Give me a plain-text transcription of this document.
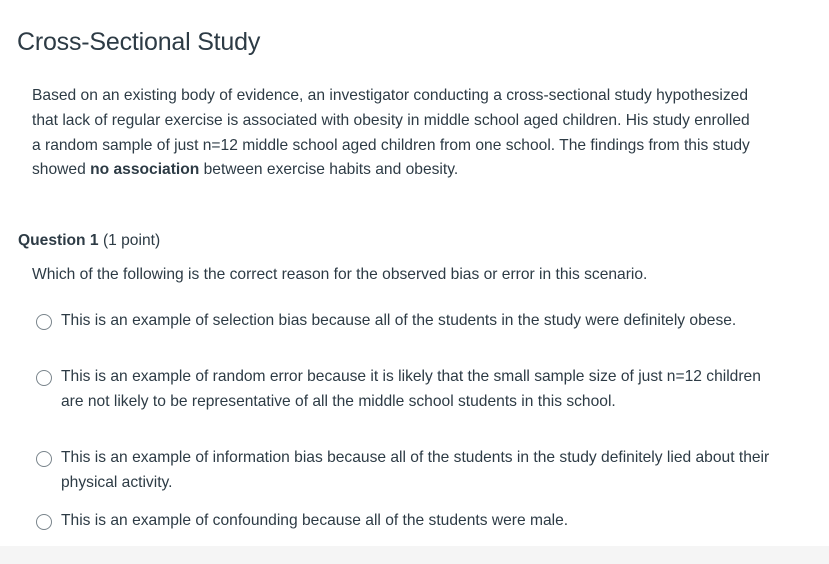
Cross-Sectional Study

Based on an existing body of evidence, an investigator conducting a cross-sectional study hypothesized that lack of regular exercise is associated with obesity in middle school aged children. His study enrolled a random sample of just n=12 middle school aged children from one school. The findings from this study showed no association between exercise habits and obesity.

Question 1 (1 point)

Which of the following is the correct reason for the observed bias or error in this scenario.

This is an example of selection bias because all of the students in the study were definitely obese.
This is an example of random error because it is likely that the small sample size of just n=12 children are not likely to be representative of all the middle school students in this school.
This is an example of information bias because all of the students in the study definitely lied about their physical activity.
This is an example of confounding because all of the students were male.
